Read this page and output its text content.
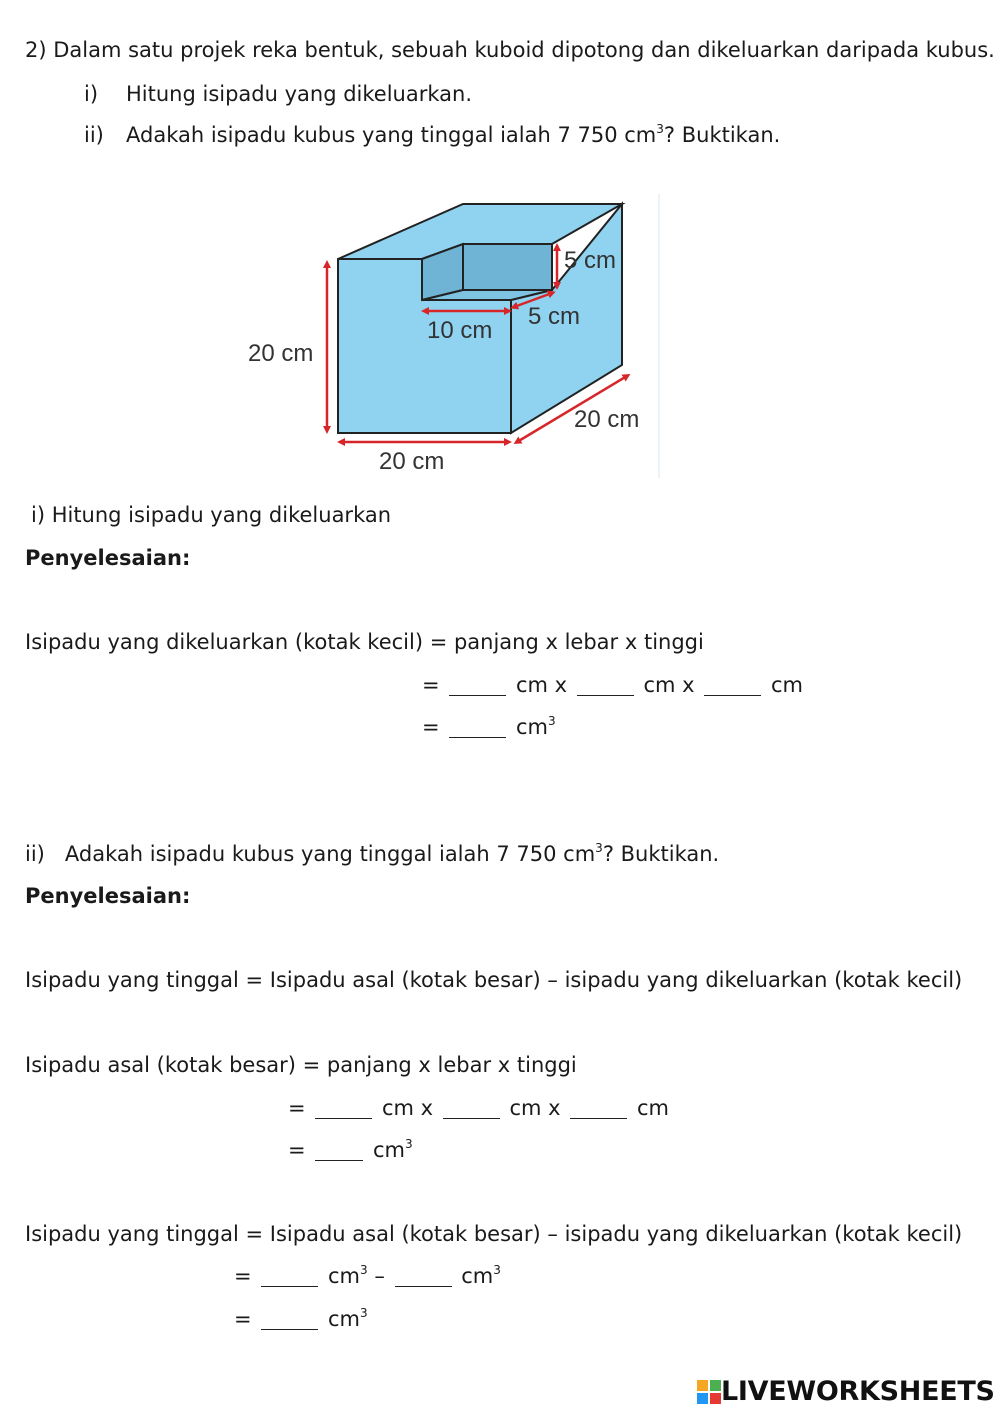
2) Dalam satu projek reka bentuk, sebuah kuboid dipotong dan dikeluarkan daripada kubus.
i) Hitung isipadu yang dikeluarkan.
ii) Adakah isipadu kubus yang tinggal ialah 7 750 $cm^3$? Buktikan.
5 cm
5 cm
10 cm
20 cm
20 cm
20 cm
i) Hitung isipadu yang dikeluarkan
Penyelesaian:
Isipadu yang dikeluarkan (kotak kecil) = panjang x lebar x tinggi
=	cm x	cm x	cm
=	$cm^3$
ii) Adakah isipadu kubus yang tinggal ialah 7 750 $cm^3$? Buktikan.
Penyelesaian:
Isipadu yang tinggal = Isipadu asal (kotak besar) – isipadu yang dikeluarkan (kotak kecil)
Isipadu asal (kotak besar) = panjang x lebar x tinggi
=	cm x	cm x	cm
=	$cm^3$
Isipadu yang tinggal = Isipadu asal (kotak besar) – isipadu yang dikeluarkan (kotak kecil)
=	$cm^3$ –	$cm^3$
=	$cm^3$
LIVEWORKSHEETS
